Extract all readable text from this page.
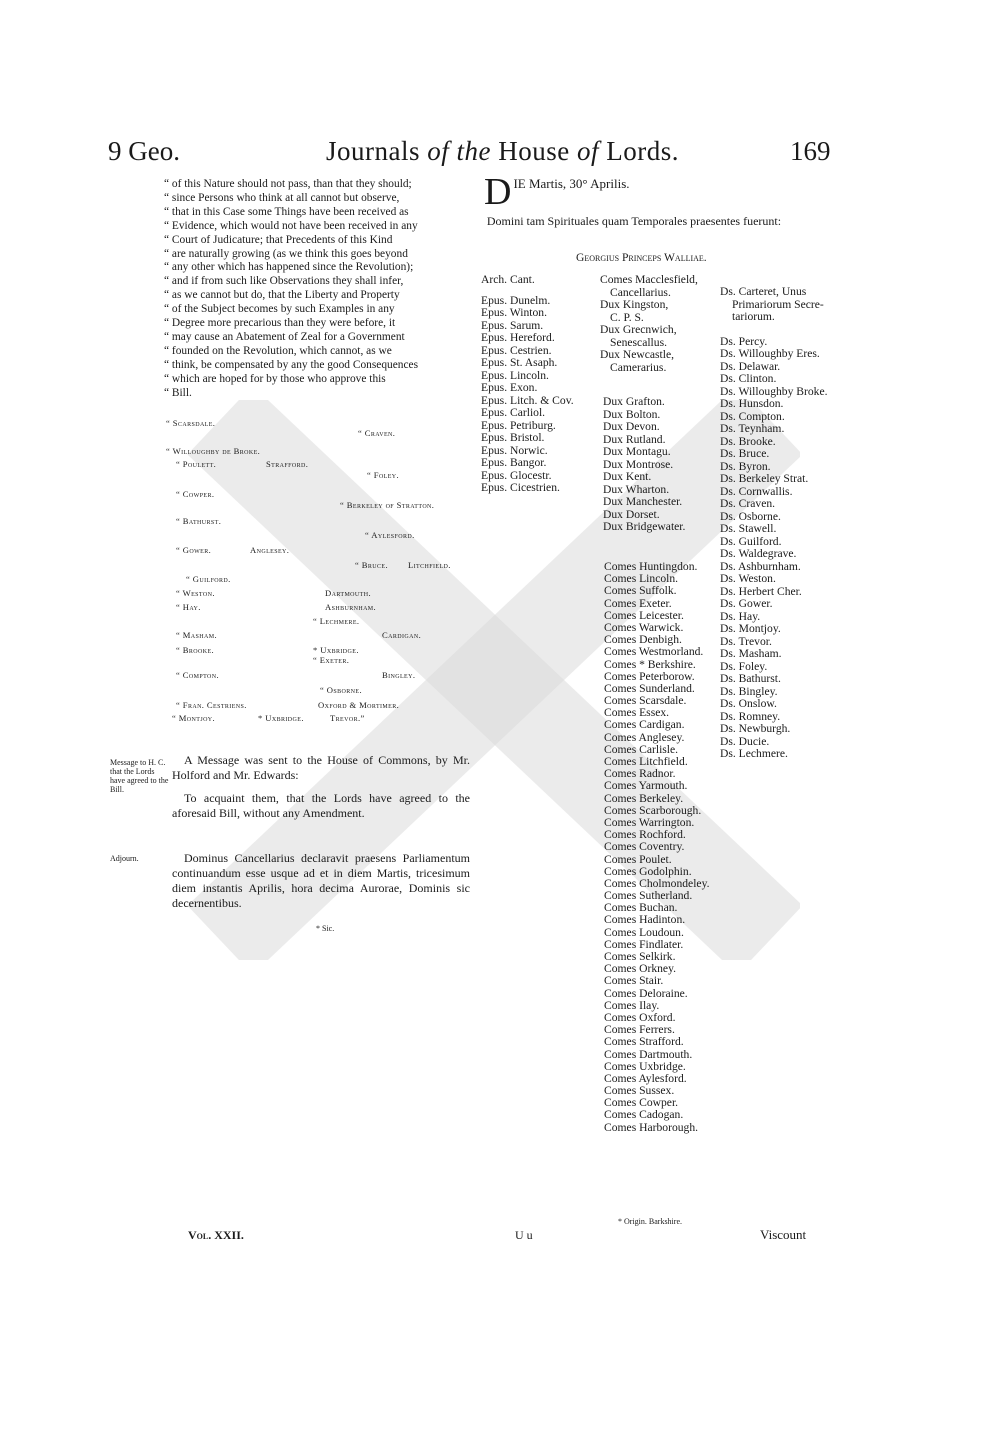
9 Geo.	Journals of the House of Lords.	169

“ of this Nature should not pass, than that they should;

“ since Persons who think at all cannot but observe,

“ that in this Case some Things have been received as

“ Evidence, which would not have been received in any

“ Court of Judicature; that Precedents of this Kind

“ are naturally growing (as we think this goes beyond

“ any other which has happened since the Revolution);

“ and if from such like Observations they shall infer,

“ as we cannot but do, that the Liberty and Property

“ of the Subject becomes by such Examples in any

“ Degree more precarious than they were before, it

“ may cause an Abatement of Zeal for a Government

“ founded on the Revolution, which cannot, as we

“ think, be compensated by any the good Consequences

“ which are hoped for by those who approve this

“ Bill.

“ Scarsdale.
“ Craven.
“ Willoughby de Broke.
“ Poulett.	Strafford.
“ Foley.
“ Cowper.
“ Berkeley of Stratton.
“ Bathurst.
“ Aylesford.
“ Gower.	Anglesey.
“ Bruce. Litchfield.
“ Guilford.
“ Weston.	Dartmouth.
“ Hay.	Ashburnham.
“ Lechmere.
“ Masham.	Cardigan.
“ Brooke.	* Uxbridge.
“ Exeter.
“ Compton.	Bingley.
“ Osborne.
“ Fran. Cestriens.	Oxford & Mortimer.
“ Montjoy.	* Uxbridge.	Trevor.”
Message to H. C. that the Lords have agreed to the Bill.
A Message was sent to the House of Commons, by Mr. Holford and Mr. Edwards:
To acquaint them, that the Lords have agreed to the aforesaid Bill, without any Amendment.
Adjourn.	Dominus Cancellarius declaravit praesens Parliamentum continuandum esse usque ad et in diem Martis, tricesimum diem instantis Aprilis, hora decima Aurorae, Dominis sic decernentibus.
* Sic.
DIE Martis, 30° Aprilis.
Domini tam Spirituales quam Temporales praesentes fuerunt:
Georgius Princeps Walliae.
Arch. Cant.
Epus. Dunelm.
Epus. Winton.
Epus. Sarum.
Epus. Hereford.
Epus. Cestrien.
Epus. St. Asaph.
Epus. Lincoln.
Epus. Exon.
Epus. Litch. & Cov.
Epus. Carliol.
Epus. Petriburg.
Epus. Bristol.
Epus. Norwic.
Epus. Bangor.
Epus. Glocestr.
Epus. Cicestrien.
Comes Macclesfield,
Cancellarius.
Dux Kingston,
C. P. S.
Dux Grecnwich,
Senescallus.
Dux Newcastle,
Camerarius.
Dux Grafton.
Dux Bolton.
Dux Devon.
Dux Rutland.
Dux Montagu.
Dux Montrose.
Dux Kent.
Dux Wharton.
Dux Manchester.
Dux Dorset.
Dux Bridgewater.
Comes Huntingdon.
Comes Lincoln.
Comes Suffolk.
Comes Exeter.
Comes Leicester.
Comes Warwick.
Comes Denbigh.
Comes Westmorland.
Comes * Berkshire.
Comes Peterborow.
Comes Sunderland.
Comes Scarsdale.
Comes Essex.
Comes Cardigan.
Comes Anglesey.
Comes Carlisle.
Comes Litchfield.
Comes Radnor.
Comes Yarmouth.
Comes Berkeley.
Comes Scarborough.
Comes Warrington.
Comes Rochford.
Comes Coventry.
Comes Poulet.
Comes Godolphin.
Comes Cholmondeley.
Comes Sutherland.
Comes Buchan.
Comes Hadinton.
Comes Loudoun.
Comes Findlater.
Comes Selkirk.
Comes Orkney.
Comes Stair.
Comes Deloraine.
Comes Ilay.
Comes Oxford.
Comes Ferrers.
Comes Strafford.
Comes Dartmouth.
Comes Uxbridge.
Comes Aylesford.
Comes Sussex.
Comes Cowper.
Comes Cadogan.
Comes Harborough.
* Origin. Barkshire.
Ds. Carteret, Unus
Primariorum Secre-
tariorum.
Ds. Percy.
Ds. Willoughby Eres.
Ds. Delawar.
Ds. Clinton.
Ds. Willoughby Broke.
Ds. Hunsdon.
Ds. Compton.
Ds. Teynham.
Ds. Brooke.
Ds. Bruce.
Ds. Byron.
Ds. Berkeley Strat.
Ds. Cornwallis.
Ds. Craven.
Ds. Osborne.
Ds. Stawell.
Ds. Guilford.
Ds. Waldegrave.
Ds. Ashburnham.
Ds. Weston.
Ds. Herbert Cher.
Ds. Gower.
Ds. Hay.
Ds. Montjoy.
Ds. Trevor.
Ds. Masham.
Ds. Foley.
Ds. Bathurst.
Ds. Bingley.
Ds. Onslow.
Ds. Romney.
Ds. Newburgh.
Ds. Ducie.
Ds. Lechmere.
Vol. XXII.	U u	Viscount
